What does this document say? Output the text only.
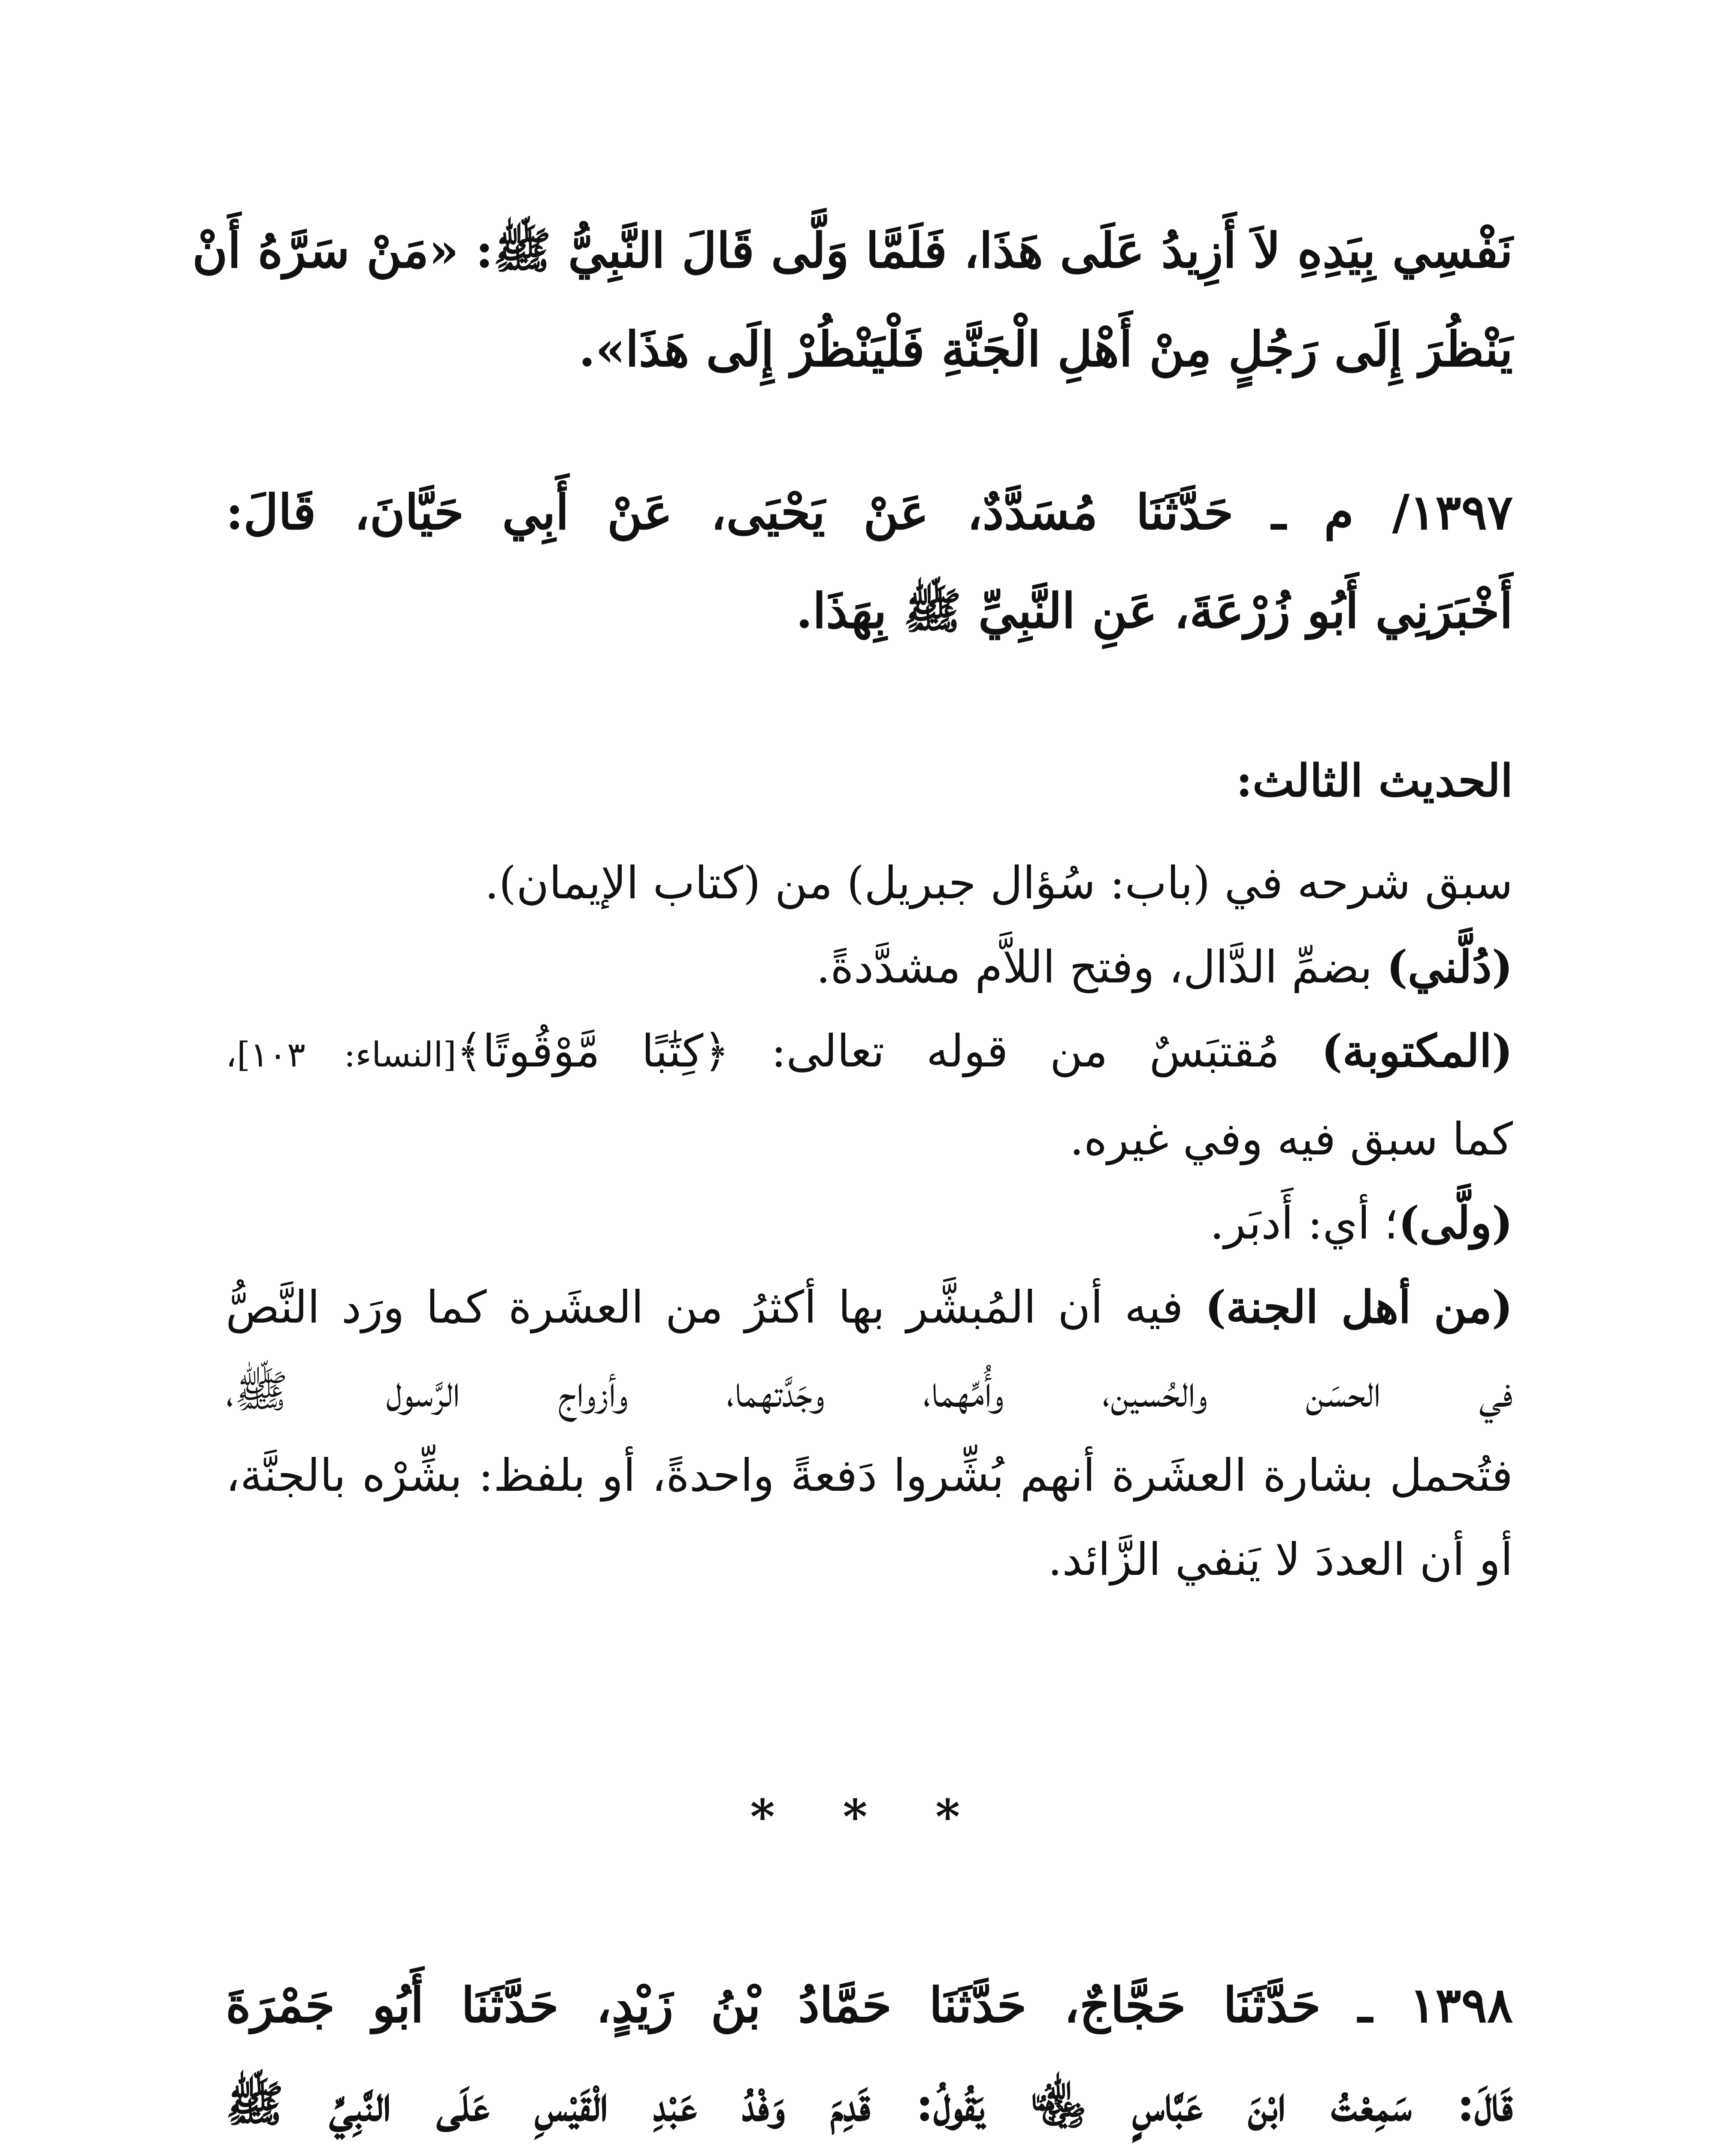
نَفْسِي بِيَدِهِ لاَ أَزِيدُ عَلَى هَذَا، فَلَمَّا وَلَّى قَالَ النَّبِيُّ ﷺ: «مَنْ سَرَّهُ أَنْ
يَنْظُرَ إِلَى رَجُلٍ مِنْ أَهْلِ الْجَنَّةِ فَلْيَنْظُرْ إِلَى هَذَا».
١٣٩٧/ م ـ حَدَّثَنَا مُسَدَّدٌ، عَنْ يَحْيَى، عَنْ أَبِي حَيَّانَ، قَالَ:
أَخْبَرَنِي أَبُو زُرْعَةَ، عَنِ النَّبِيِّ ﷺ بِهَذَا.
الحديث الثالث:
سبق شرحه في (باب: سُؤال جبريل) من (كتاب الإيمان).
(دُلَّني) بضمِّ الدَّال، وفتح اللاَّم مشدَّدةً.
(المكتوبة) مُقتبَسٌ من قوله تعالى: ﴿كِتَٰبًا مَّوْقُوتًا﴾[النساء: ١٠٣]،
كما سبق فيه وفي غيره.
(ولَّى)؛ أي: أَدبَر.
(من أهل الجنة) فيه أن المُبشَّر بها أكثرُ من العشَرة كما ورَد النَّصُّ
في الحسَن والحُسين، وأُمِّهما، وجَدَّتهما، وأزواج الرَّسول ﷺ،
فتُحمل بشارة العشَرة أنهم بُشِّروا دَفعةً واحدةً، أو بلفظ: بشِّرْه بالجنَّة،
أو أن العددَ لا يَنفي الزَّائد.
* * *
١٣٩٨ ـ حَدَّثَنَا حَجَّاجٌ، حَدَّثَنَا حَمَّادُ بْنُ زَيْدٍ، حَدَّثَنَا أَبُو جَمْرَةَ
قَالَ: سَمِعْتُ ابْنَ عَبَّاسٍ ﵄ يَقُولُ: قَدِمَ وَفْدُ عَبْدِ الْقَيْسِ عَلَى النَّبِيِّ ﷺ
